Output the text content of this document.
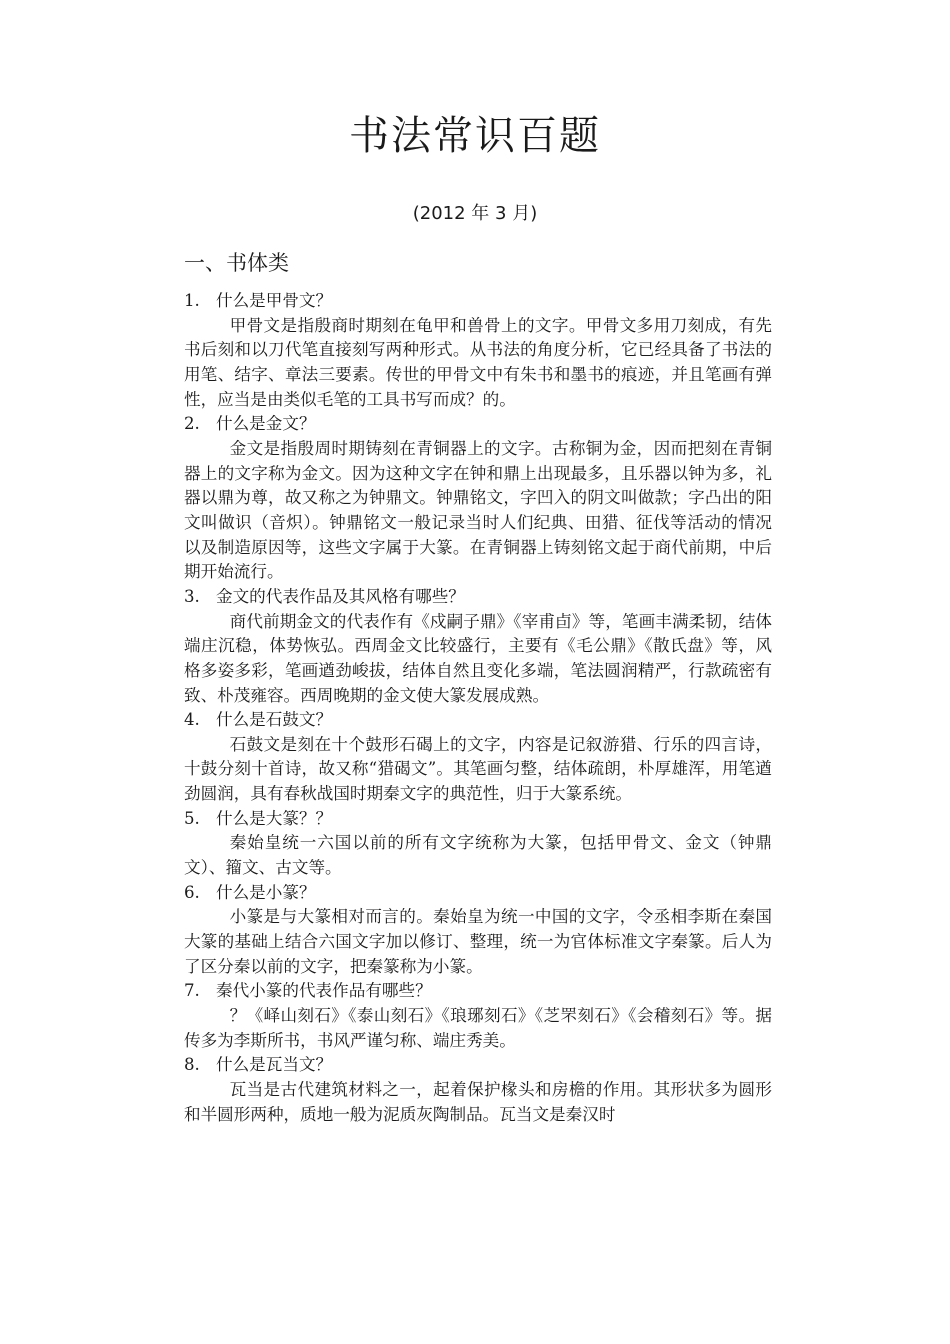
书法常识百题
(2012 年 3 月)
一、书体类
1. 什么是甲骨文？
甲骨文是指殷商时期刻在龟甲和兽骨上的文字。甲骨文多用刀刻成，有先书后刻和以刀代笔直接刻写两种形式。从书法的角度分析，它已经具备了书法的用笔、结字、章法三要素。传世的甲骨文中有朱书和墨书的痕迹，并且笔画有弹性，应当是由类似毛笔的工具书写而成？的。
2. 什么是金文？
金文是指殷周时期铸刻在青铜器上的文字。古称铜为金，因而把刻在青铜器上的文字称为金文。因为这种文字在钟和鼎上出现最多，且乐器以钟为多，礼器以鼎为尊，故又称之为钟鼎文。钟鼎铭文，字凹入的阴文叫做款；字凸出的阳文叫做识（音炽）。钟鼎铭文一般记录当时人们纪典、田猎、征伐等活动的情况以及制造原因等，这些文字属于大篆。在青铜器上铸刻铭文起于商代前期，中后期开始流行。
3. 金文的代表作品及其风格有哪些？
商代前期金文的代表作有《戍嗣子鼎》《宰甫卣》等，笔画丰满柔韧，结体端庄沉稳，体势恢弘。西周金文比较盛行，主要有《毛公鼎》《散氏盘》等，风格多姿多彩，笔画遒劲峻拔，结体自然且变化多端，笔法圆润精严，行款疏密有致、朴茂雍容。西周晚期的金文使大篆发展成熟。
4. 什么是石鼓文？
石鼓文是刻在十个鼓形石碣上的文字，内容是记叙游猎、行乐的四言诗，十鼓分刻十首诗，故又称“猎碣文”。其笔画匀整，结体疏朗，朴厚雄浑，用笔遒劲圆润，具有春秋战国时期秦文字的典范性，归于大篆系统。
5. 什么是大篆？？
秦始皇统一六国以前的所有文字统称为大篆，包括甲骨文、金文（钟鼎文）、籀文、古文等。
6. 什么是小篆？
小篆是与大篆相对而言的。秦始皇为统一中国的文字，令丞相李斯在秦国大篆的基础上结合六国文字加以修订、整理，统一为官体标准文字秦篆。后人为了区分秦以前的文字，把秦篆称为小篆。
7. 秦代小篆的代表作品有哪些？
？《峄山刻石》《泰山刻石》《琅琊刻石》《芝罘刻石》《会稽刻石》等。据传多为李斯所书，书风严谨匀称、端庄秀美。
8. 什么是瓦当文？
瓦当是古代建筑材料之一，起着保护椽头和房檐的作用。其形状多为圆形和半圆形两种，质地一般为泥质灰陶制品。瓦当文是秦汉时
